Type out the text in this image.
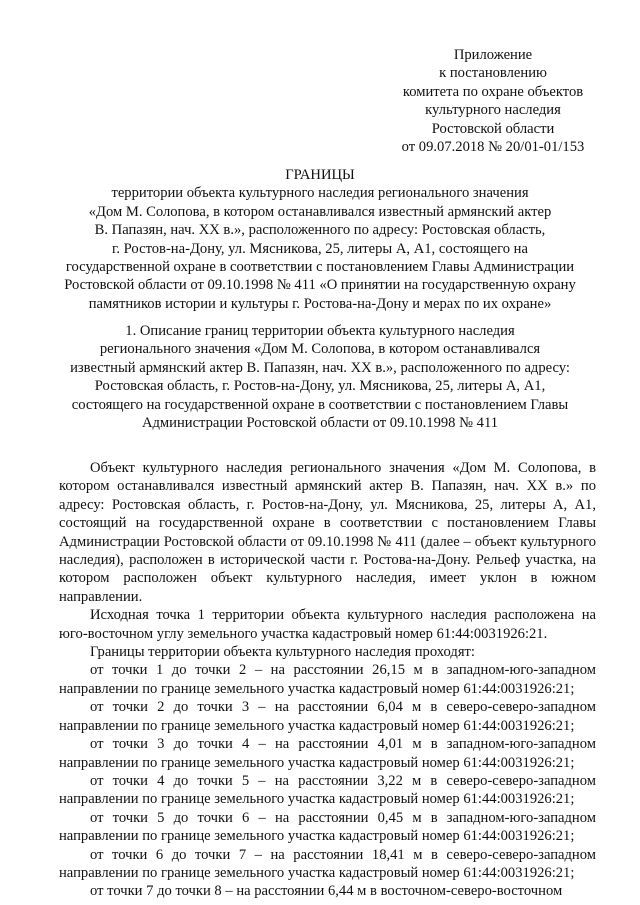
Приложение
к постановлению
комитета по охране объектов
культурного наследия
Ростовской области
от 09.07.2018 № 20/01-01/153
ГРАНИЦЫ
территории объекта культурного наследия регионального значения
«Дом М. Солопова, в котором останавливался известный армянский актер
В. Папазян, нач. XX в.», расположенного по адресу: Ростовская область,
г. Ростов-на-Дону, ул. Мясникова, 25, литеры А, А1, состоящего на
государственной охране в соответствии с постановлением Главы Администрации
Ростовской области от 09.10.1998 № 411 «О принятии на государственную охрану
памятников истории и культуры г. Ростова-на-Дону и мерах по их охране»
1. Описание границ территории объекта культурного наследия
регионального значения «Дом М. Солопова, в котором останавливался
известный армянский актер В. Папазян, нач. XX в.», расположенного по адресу:
Ростовская область, г. Ростов-на-Дону, ул. Мясникова, 25, литеры А, А1,
состоящего на государственной охране в соответствии с постановлением Главы
Администрации Ростовской области от 09.10.1998 № 411

Объект культурного наследия регионального значения «Дом М. Солопова, в котором останавливался известный армянский актер В. Папазян, нач. XX в.» по адресу: Ростовская область, г. Ростов-на-Дону, ул. Мясникова, 25, литеры А, А1, состоящий на государственной охране в соответствии с постановлением Главы Администрации Ростовской области от 09.10.1998 № 411 (далее – объект культурного наследия), расположен в исторической части г. Ростова-на-Дону. Рельеф участка, на котором расположен объект культурного наследия, имеет уклон в южном направлении.

Исходная точка 1 территории объекта культурного наследия расположена на юго-восточном углу земельного участка кадастровый номер 61:44:0031926:21.

Границы территории объекта культурного наследия проходят:

от точки 1 до точки 2 – на расстоянии 26,15 м в западном-юго-западном направлении по границе земельного участка кадастровый номер 61:44:0031926:21;

от точки 2 до точки 3 – на расстоянии 6,04 м в северо-северо-западном направлении по границе земельного участка кадастровый номер 61:44:0031926:21;

от точки 3 до точки 4 – на расстоянии 4,01 м в западном-юго-западном направлении по границе земельного участка кадастровый номер 61:44:0031926:21;

от точки 4 до точки 5 – на расстоянии 3,22 м в северо-северо-западном направлении по границе земельного участка кадастровый номер 61:44:0031926:21;

от точки 5 до точки 6 – на расстоянии 0,45 м в западном-юго-западном направлении по границе земельного участка кадастровый номер 61:44:0031926:21;

от точки 6 до точки 7 – на расстоянии 18,41 м в северо-северо-западном направлении по границе земельного участка кадастровый номер 61:44:0031926:21;

от точки 7 до точки 8 – на расстоянии 6,44 м в восточном-северо-восточном
